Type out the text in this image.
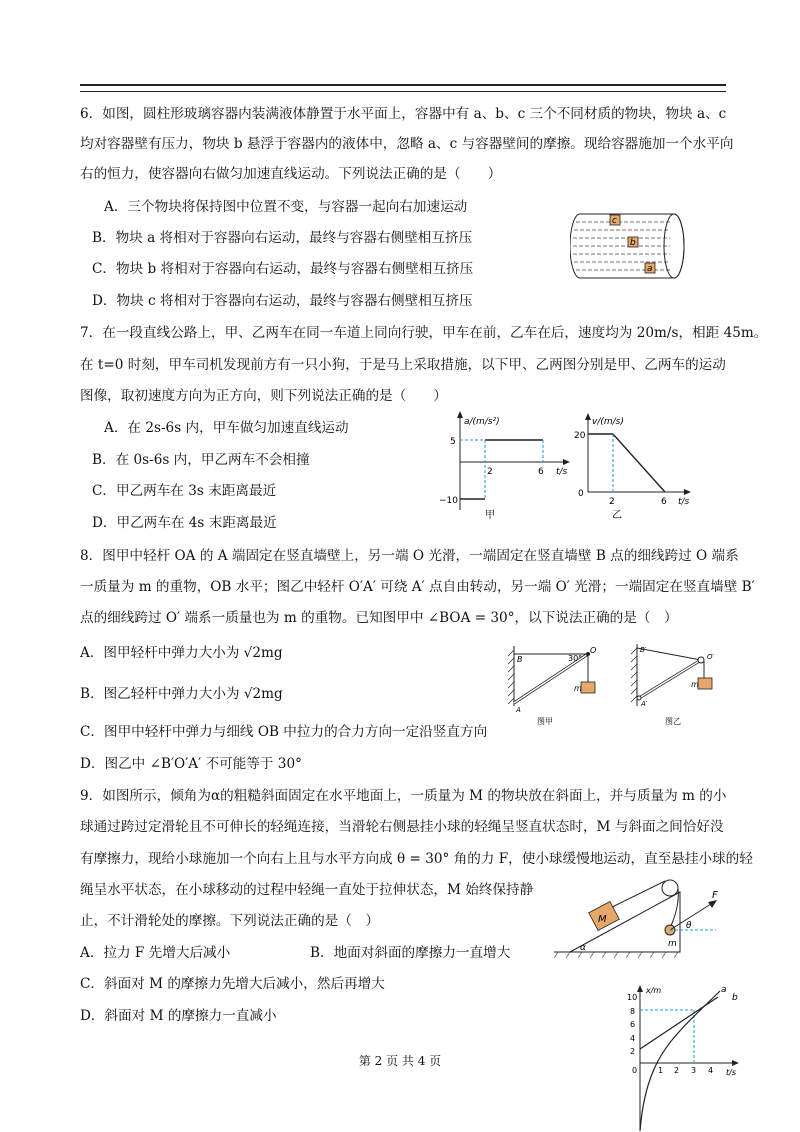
6．如图，圆柱形玻璃容器内装满液体静置于水平面上，容器中有 a、b、c 三个不同材质的物块，物块 a、c
均对容器壁有压力，物块 b 悬浮于容器内的液体中，忽略 a、c 与容器壁间的摩擦。现给容器施加一个水平向
右的恒力，使容器向右做匀加速直线运动。下列说法正确的是（　　）
A．三个物块将保持图中位置不变，与容器一起向右加速运动
B．物块 a 将相对于容器向右运动，最终与容器右侧壁相互挤压
C．物块 b 将相对于容器向右运动，最终与容器右侧壁相互挤压
D．物块 c 将相对于容器向右运动，最终与容器右侧壁相互挤压
c
b
a
7．在一段直线公路上，甲、乙两车在同一车道上同向行驶，甲车在前，乙车在后，速度均为 20m/s，相距 45m。
在 t=0 时刻，甲车司机发现前方有一只小狗，于是马上采取措施，以下甲、乙两图分别是甲、乙两车的运动
图像，取初速度方向为正方向，则下列说法正确的是（　　）
A．在 2s-6s 内，甲车做匀加速直线运动
B．在 0s-6s 内，甲乙两车不会相撞
C．甲乙两车在 3s 末距离最近
D．甲乙两车在 4s 末距离最近
a/(m/s²)
5
−10
2	6 t/s
甲
v/(m/s)
20
0
2	6 t/s
乙
8．图甲中轻杆 OA 的 A 端固定在竖直墙壁上，另一端 O 光滑，一端固定在竖直墙壁 B 点的细线跨过 O 端系
一质量为 m 的重物，OB 水平；图乙中轻杆 O′A′ 可绕 A′ 点自由转动，另一端 O′ 光滑；一端固定在竖直墙壁 B′
点的细线跨过 O′ 端系一质量也为 m 的重物。已知图甲中 ∠BOA = 30°，以下说法正确的是（　）
A．图甲轻杆中弹力大小为 √2mg
B．图乙轻杆中弹力大小为 √2mg
C．图甲中轻杆中弹力与细线 OB 中拉力的合力方向一定沿竖直方向
D．图乙中 ∠B′O′A′ 不可能等于 30°
B
O
A
30°
m
图甲
B′
O′
A′
m
图乙
9．如图所示，倾角为α的粗糙斜面固定在水平地面上，一质量为 M 的物块放在斜面上，并与质量为 m 的小
球通过跨过定滑轮且不可伸长的轻绳连接，当滑轮右侧悬挂小球的轻绳呈竖直状态时，M 与斜面之间恰好没
有摩擦力，现给小球施加一个向右上且与水平方向成 θ = 30° 角的力 F，使小球缓慢地运动，直至悬挂小球的轻
绳呈水平状态，在小球移动的过程中轻绳一直处于拉伸状态，M 始终保持静
止，不计滑轮处的摩擦。下列说法正确的是（　）
A．拉力 F 先增大后减小	B．地面对斜面的摩擦力一直增大
C．斜面对 M 的摩擦力先增大后减小，然后再增大
D．斜面对 M 的摩擦力一直减小
M
F
θ
m
α
x/m
t/s
10
8
6
4
2
0	1 2 3 4
a
b
第 2 页 共 4 页
